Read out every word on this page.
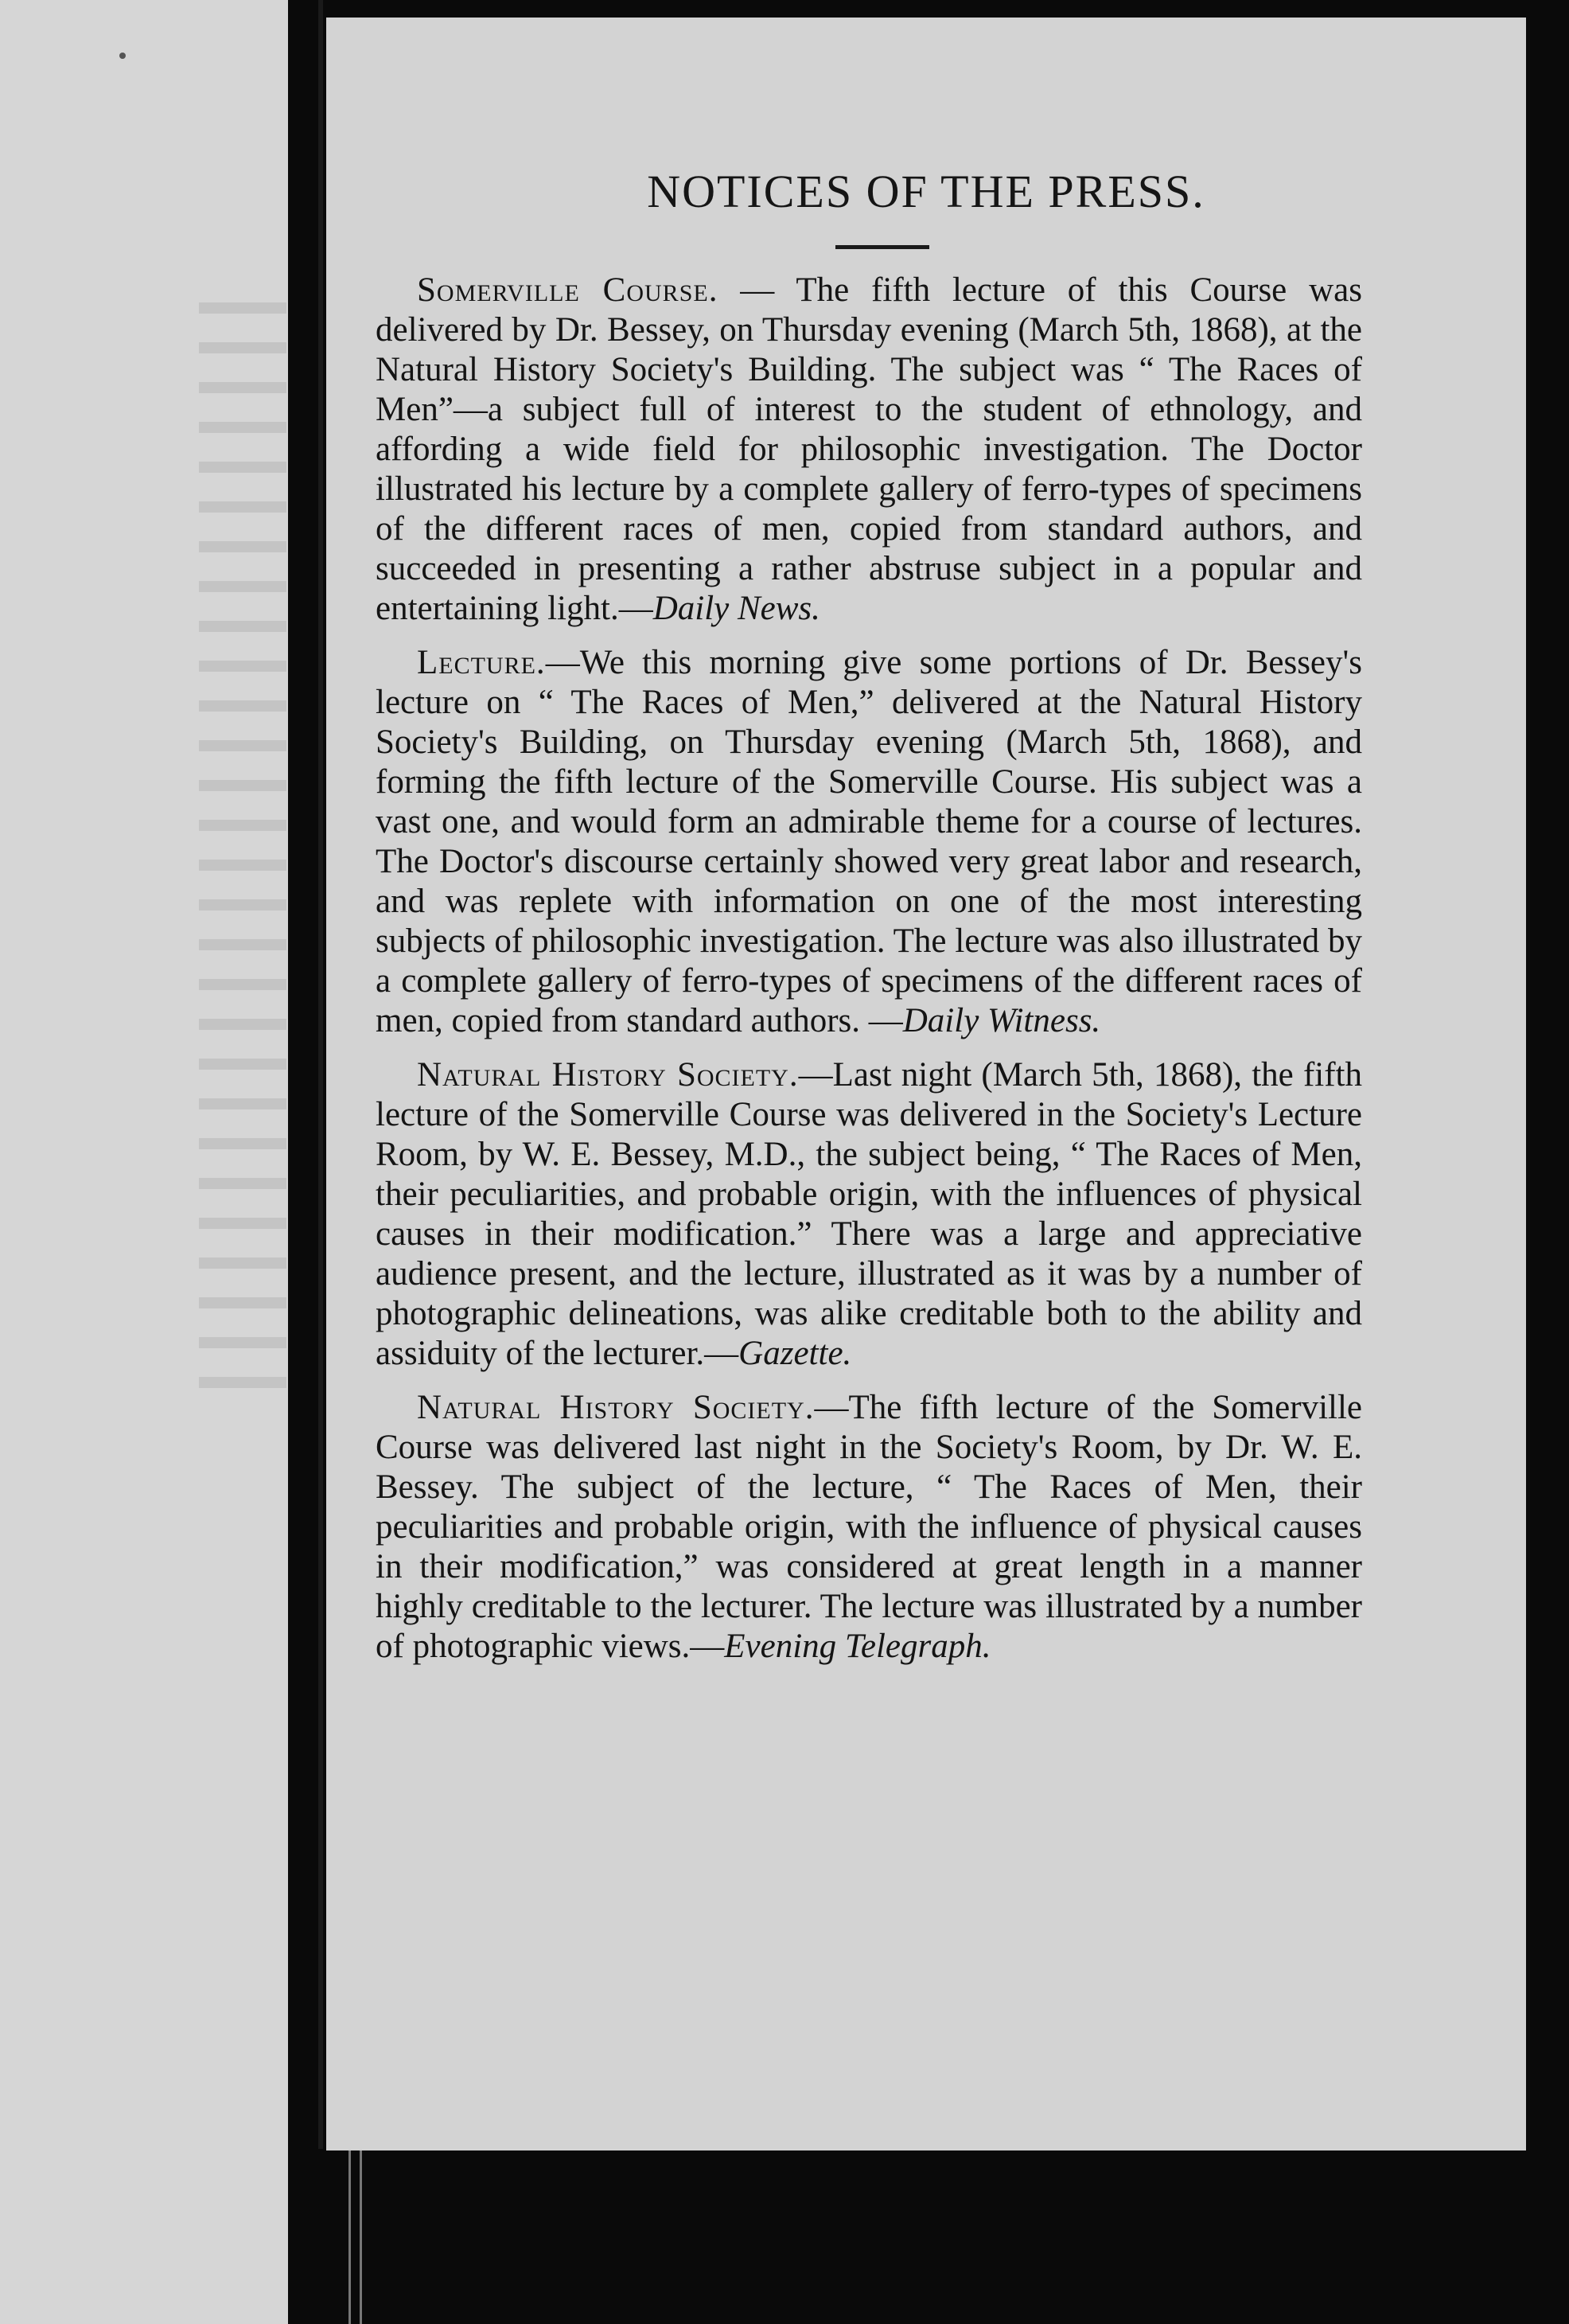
NOTICES OF THE PRESS.

Somerville Course. — The fifth lecture of this Course was delivered by Dr. Bessey, on Thursday evening (March 5th, 1868), at the Natural History Society's Building. The subject was “ The Races of Men”—a subject full of interest to the student of ethnology, and affording a wide field for philosophic investigation. The Doctor illustrated his lecture by a complete gallery of ferro-types of specimens of the different races of men, copied from standard authors, and succeeded in presenting a rather abstruse subject in a popular and entertaining light.—Daily News.

Lecture.—We this morning give some portions of Dr. Bessey's lecture on “ The Races of Men,” delivered at the Natural History Society's Building, on Thursday evening (March 5th, 1868), and forming the fifth lecture of the Somerville Course. His subject was a vast one, and would form an admirable theme for a course of lectures. The Doctor's discourse certainly showed very great labor and research, and was replete with information on one of the most interesting subjects of philosophic investigation. The lecture was also illustrated by a complete gallery of ferro-types of specimens of the different races of men, copied from standard authors. —Daily Witness.

Natural History Society.—Last night (March 5th, 1868), the fifth lecture of the Somerville Course was delivered in the Society's Lecture Room, by W. E. Bessey, M.D., the subject being, “ The Races of Men, their peculiarities, and probable origin, with the influences of physical causes in their modification.” There was a large and appreciative audience present, and the lecture, illustrated as it was by a number of photographic delineations, was alike creditable both to the ability and assiduity of the lecturer.—Gazette.

Natural History Society.—The fifth lecture of the Somerville Course was delivered last night in the Society's Room, by Dr. W. E. Bessey. The subject of the lecture, “ The Races of Men, their peculiarities and probable origin, with the influence of physical causes in their modification,” was considered at great length in a manner highly creditable to the lecturer. The lecture was illustrated by a number of photographic views.—Evening Telegraph.
